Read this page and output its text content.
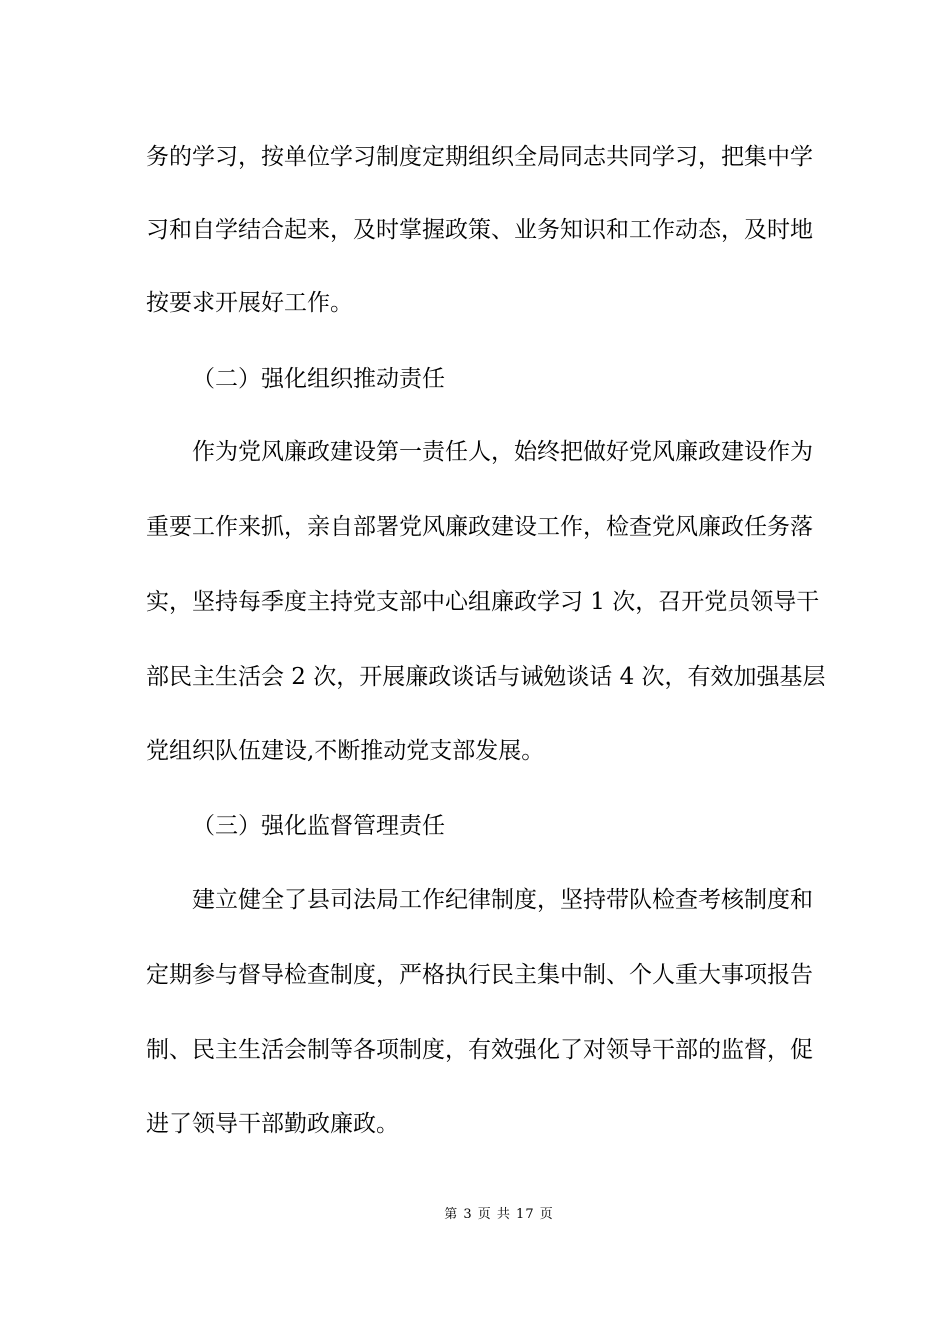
务的学习，按单位学习制度定期组织全局同志共同学习，把集中学
习和自学结合起来，及时掌握政策、业务知识和工作动态，及时地
按要求开展好工作。
（二）强化组织推动责任
作为党风廉政建设第一责任人，始终把做好党风廉政建设作为
重要工作来抓，亲自部署党风廉政建设工作，检查党风廉政任务落
实，坚持每季度主持党支部中心组廉政学习 1 次，召开党员领导干
部民主生活会 2 次，开展廉政谈话与诫勉谈话 4 次，有效加强基层
党组织队伍建设,不断推动党支部发展。
（三）强化监督管理责任
建立健全了县司法局工作纪律制度，坚持带队检查考核制度和
定期参与督导检查制度，严格执行民主集中制、个人重大事项报告
制、民主生活会制等各项制度，有效强化了对领导干部的监督，促
进了领导干部勤政廉政。
第 3 页 共 17 页
